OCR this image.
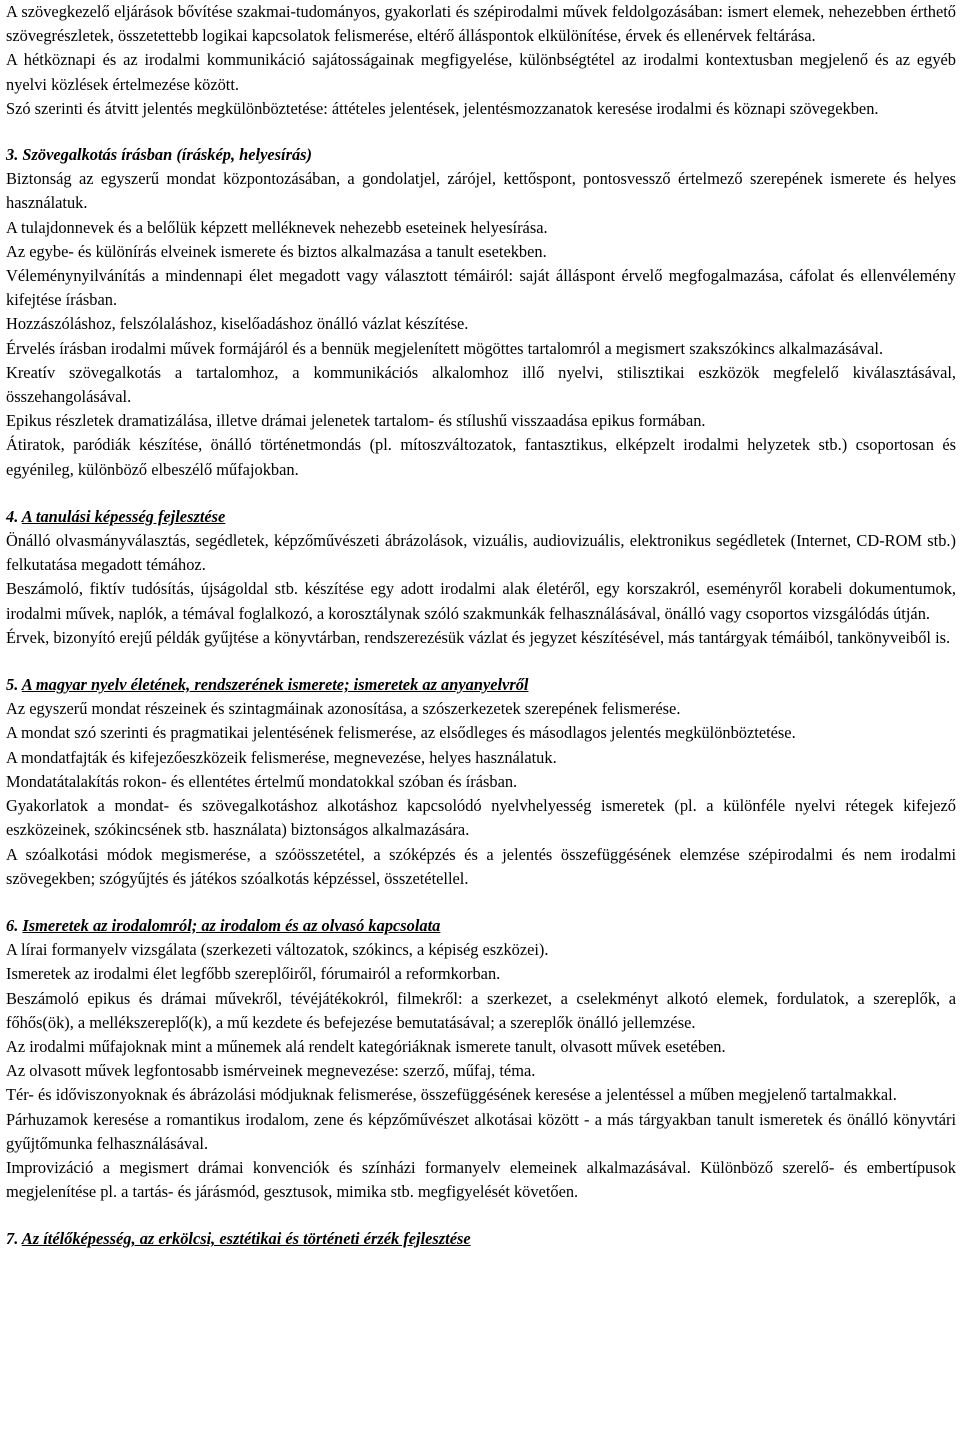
A szövegkezelő eljárások bővítése szakmai-tudományos, gyakorlati és szépirodalmi művek feldolgozásában: ismert elemek, nehezebben érthető szövegrészletek, összetettebb logikai kapcsolatok felismerése, eltérő álláspontok elkülönítése, érvek és ellenérvek feltárása.

A hétköznapi és az irodalmi kommunikáció sajátosságainak megfigyelése, különbségtétel az irodalmi kontextusban megjelenő és az egyéb nyelvi közlések értelmezése között.

Szó szerinti és átvitt jelentés megkülönböztetése: áttételes jelentések, jelentésmozzanatok keresése irodalmi és köznapi szövegekben.

3. Szövegalkotás írásban (íráskép, helyesírás)

Biztonság az egyszerű mondat központozásában, a gondolatjel, zárójel, kettőspont, pontosvessző értelmező szerepének ismerete és helyes használatuk.

A tulajdonnevek és a belőlük képzett melléknevek nehezebb eseteinek helyesírása.

Az egybe- és különírás elveinek ismerete és biztos alkalmazása a tanult esetekben.

Véleménynyilvánítás a mindennapi élet megadott vagy választott témáiról: saját álláspont érvelő megfogalmazása, cáfolat és ellenvélemény kifejtése írásban.

Hozzászóláshoz, felszólaláshoz, kiselőadáshoz önálló vázlat készítése.

Érvelés írásban irodalmi művek formájáról és a bennük megjelenített mögöttes tartalomról a megismert szakszókincs alkalmazásával.

Kreatív szövegalkotás a tartalomhoz, a kommunikációs alkalomhoz illő nyelvi, stilisztikai eszközök megfelelő kiválasztásával, összehangolásával.

Epikus részletek dramatizálása, illetve drámai jelenetek tartalom- és stílushű visszaadása epikus formában.

Átiratok, paródiák készítése, önálló történetmondás (pl. mítoszváltozatok, fantasztikus, elképzelt irodalmi helyzetek stb.) csoportosan és egyénileg, különböző elbeszélő műfajokban.

4. A tanulási képesség fejlesztése

Önálló olvasmányválasztás, segédletek, képzőművészeti ábrázolások, vizuális, audiovizuális, elektronikus segédletek (Internet, CD-ROM stb.) felkutatása megadott témához.

Beszámoló, fiktív tudósítás, újságoldal stb. készítése egy adott irodalmi alak életéről, egy korszakról, eseményről korabeli dokumentumok, irodalmi művek, naplók, a témával foglalkozó, a korosztálynak szóló szakmunkák felhasználásával, önálló vagy csoportos vizsgálódás útján.

Érvek, bizonyító erejű példák gyűjtése a könyvtárban, rendszerezésük vázlat és jegyzet készítésével, más tantárgyak témáiból, tankönyveiből is.

5. A magyar nyelv életének, rendszerének ismerete; ismeretek az anyanyelvről

Az egyszerű mondat részeinek és szintagmáinak azonosítása, a szószerkezetek szerepének felismerése.

A mondat szó szerinti és pragmatikai jelentésének felismerése, az elsődleges és másodlagos jelentés megkülönböztetése.

A mondatfajták és kifejezőeszközeik felismerése, megnevezése, helyes használatuk.

Mondatátalakítás rokon- és ellentétes értelmű mondatokkal szóban és írásban.

Gyakorlatok a mondat- és szövegalkotáshoz alkotáshoz kapcsolódó nyelvhelyesség ismeretek (pl. a különféle nyelvi rétegek kifejező eszközeinek, szókincsének stb. használata) biztonságos alkalmazására.

A szóalkotási módok megismerése, a szóösszetétel, a szóképzés és a jelentés összefüggésének elemzése szépirodalmi és nem irodalmi szövegekben; szógyűjtés és játékos szóalkotás képzéssel, összetétellel.

6. Ismeretek az irodalomról; az irodalom és az olvasó kapcsolata

A lírai formanyelv vizsgálata (szerkezeti változatok, szókincs, a képiség eszközei).

Ismeretek az irodalmi élet legfőbb szereplőiről, fórumairól a reformkorban.

Beszámoló epikus és drámai művekről, tévéjátékokról, filmekről: a szerkezet, a cselekményt alkotó elemek, fordulatok, a szereplők, a főhős(ök), a mellékszereplő(k), a mű kezdete és befejezése bemutatásával; a szereplők önálló jellemzése.

Az irodalmi műfajoknak mint a műnemek alá rendelt kategóriáknak ismerete tanult, olvasott művek esetében.

Az olvasott művek legfontosabb ismérveinek megnevezése: szerző, műfaj, téma.

Tér- és időviszonyoknak és ábrázolási módjuknak felismerése, összefüggésének keresése a jelentéssel a műben megjelenő tartalmakkal.

Párhuzamok keresése a romantikus irodalom, zene és képzőművészet alkotásai között - a más tárgyakban tanult ismeretek és önálló könyvtári gyűjtőmunka felhasználásával.

Improvizáció a megismert drámai konvenciók és színházi formanyelv elemeinek alkalmazásával. Különböző szerelő- és embertípusok megjelenítése pl. a tartás- és járásmód, gesztusok, mimika stb. megfigyelését követően.

7. Az ítélőképesség, az erkölcsi, esztétikai és történeti érzék fejlesztése
